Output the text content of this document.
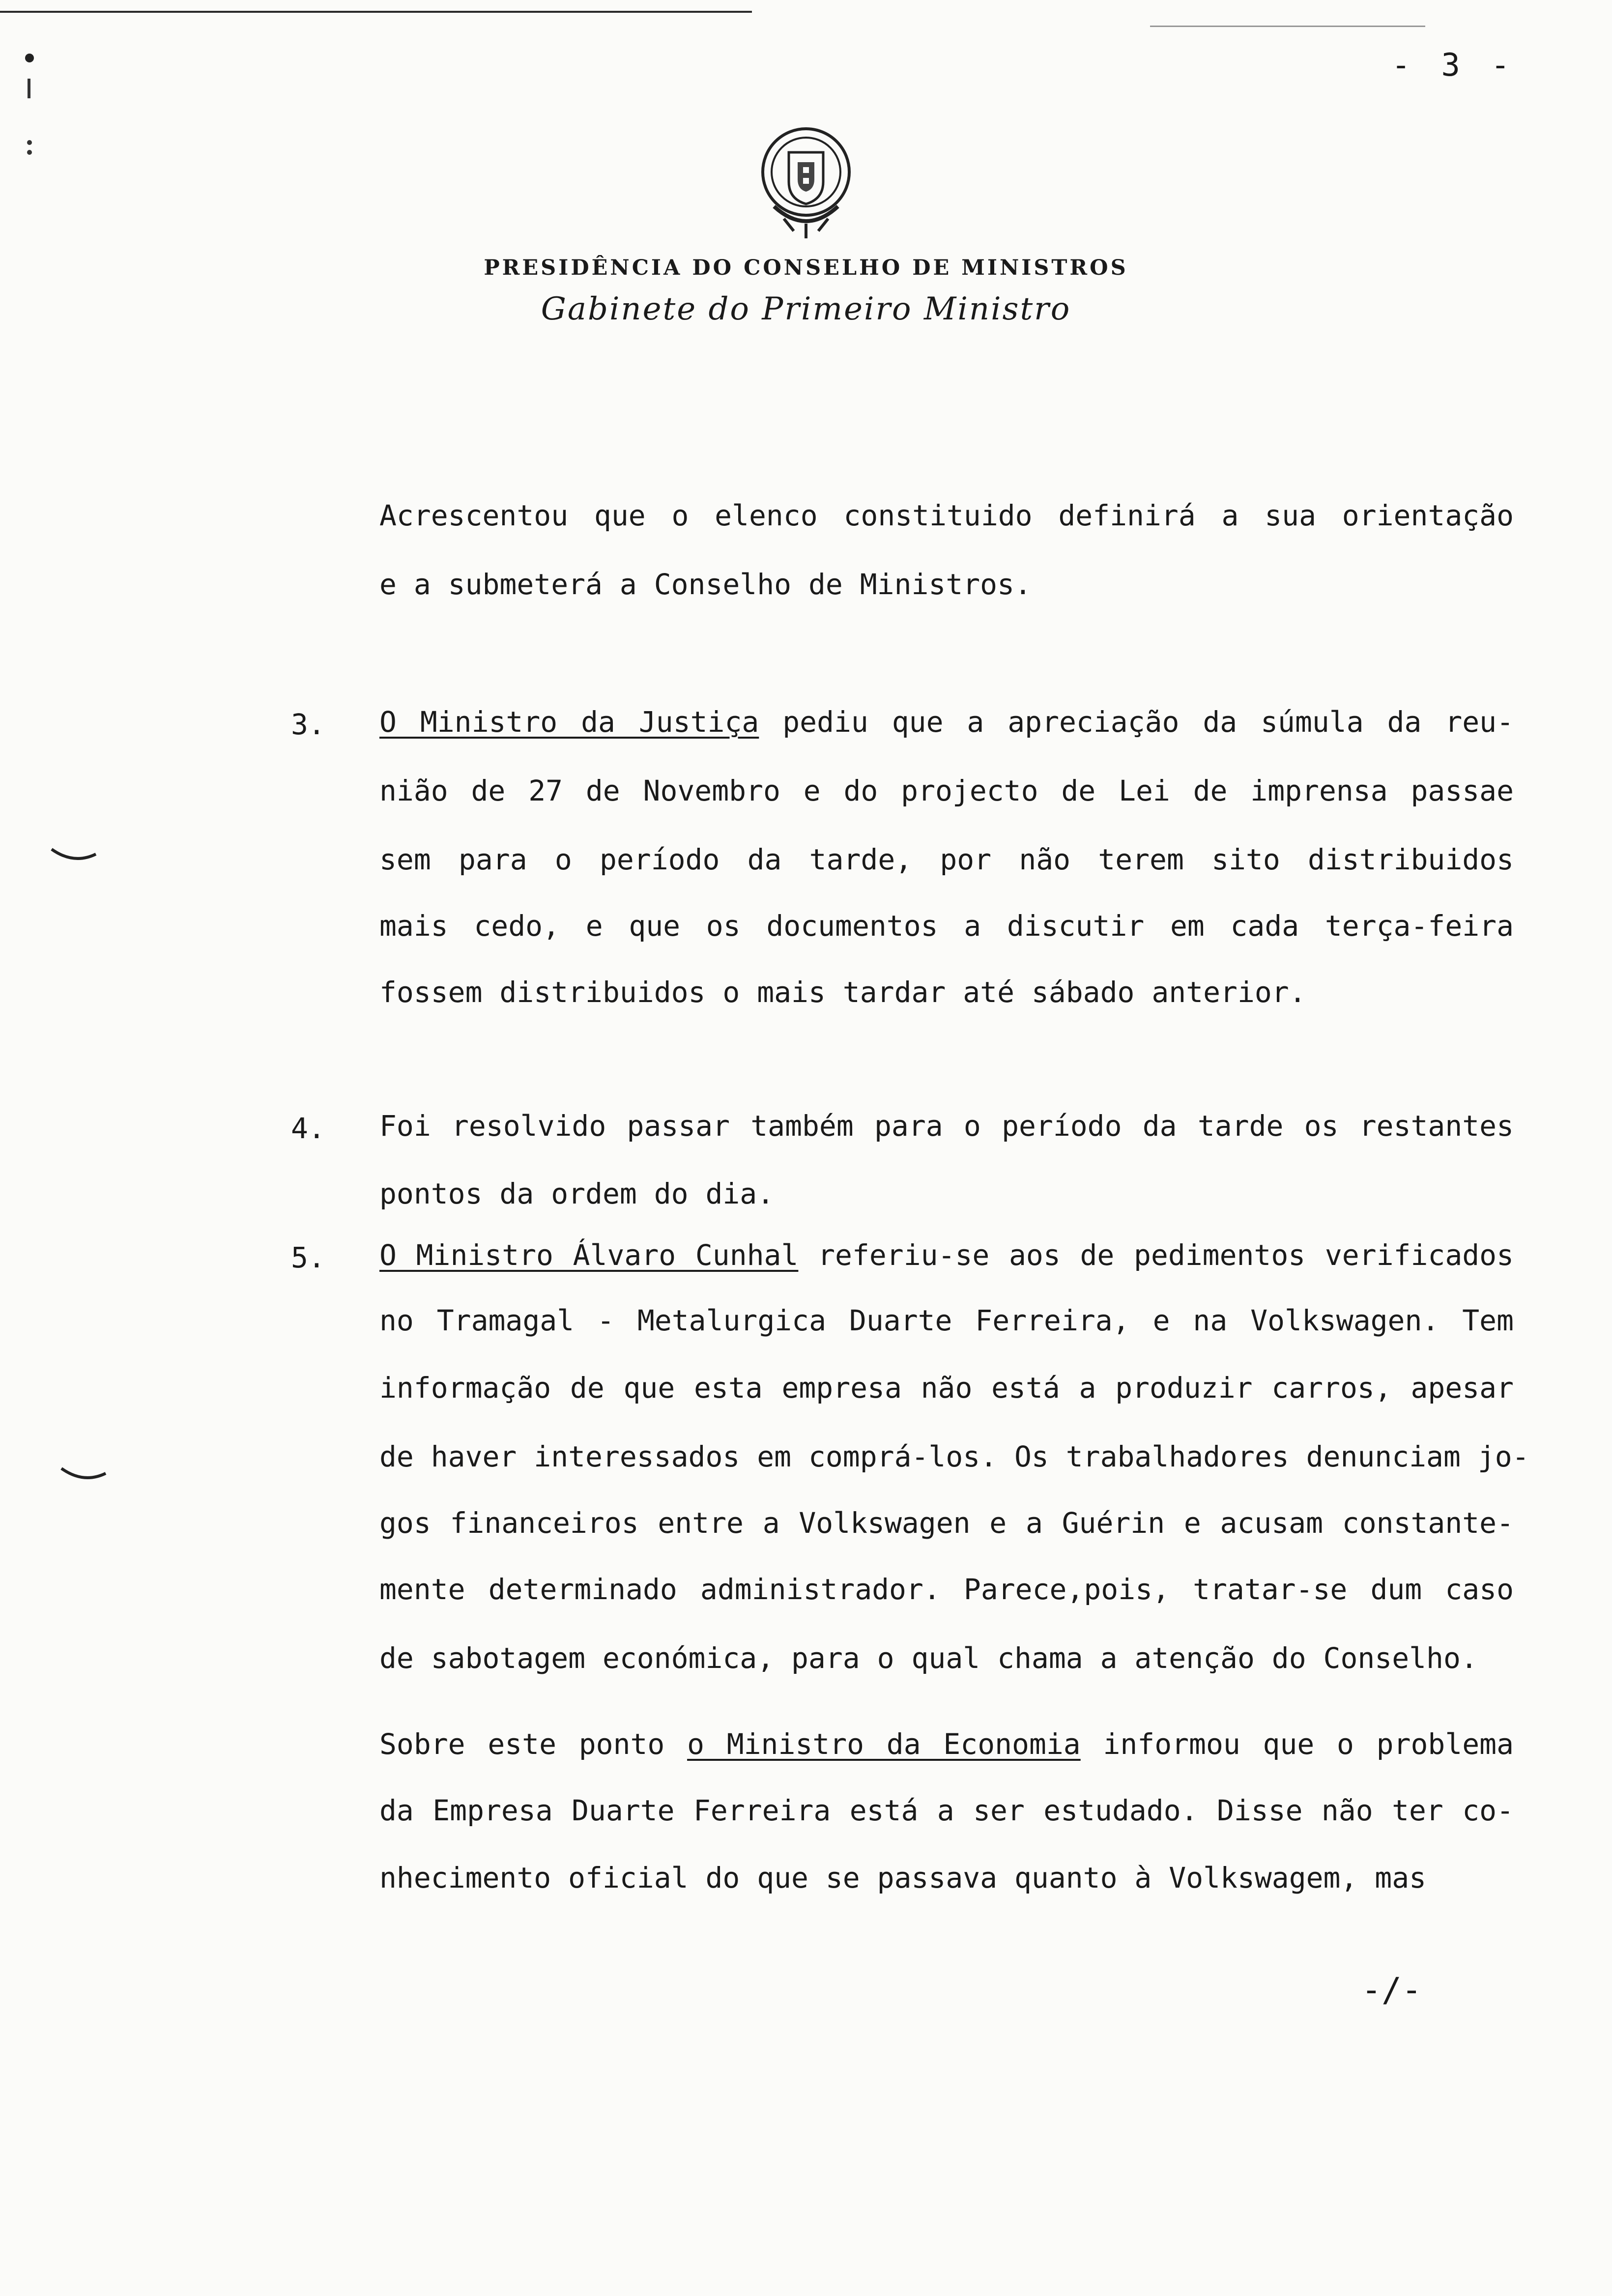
- 3 -
PRESIDÊNCIA DO CONSELHO DE MINISTROS
Gabinete do Primeiro Ministro
Acrescentou que o elenco constituido definirá a sua orientação
e a submeterá a Conselho de Ministros.
3. O Ministro da Justiça pediu que a apreciação da súmula da reu-
nião de 27 de Novembro e do projecto de Lei de imprensa passae
sem para o período da tarde, por não terem sito distribuidos
mais cedo, e que os documentos a discutir em cada terça-feira
fossem distribuidos o mais tardar até sábado anterior.
4. Foi resolvido passar também para o período da tarde os restantes
pontos da ordem do dia.
5. O Ministro Álvaro Cunhal referiu-se aos de pedimentos verificados
no Tramagal - Metalurgica Duarte Ferreira, e na Volkswagen. Tem
informação de que esta empresa não está a produzir carros, apesar
de haver interessados em comprá-los. Os trabalhadores denunciam jo-
gos financeiros entre a Volkswagen e a Guérin e acusam constante-
mente determinado administrador. Parece,pois, tratar-se dum caso
de sabotagem económica, para o qual chama a atenção do Conselho.
Sobre este ponto o Ministro da Economia informou que o problema
da Empresa Duarte Ferreira está a ser estudado. Disse não ter co-
nhecimento oficial do que se passava quanto à Volkswagem, mas
-/-
